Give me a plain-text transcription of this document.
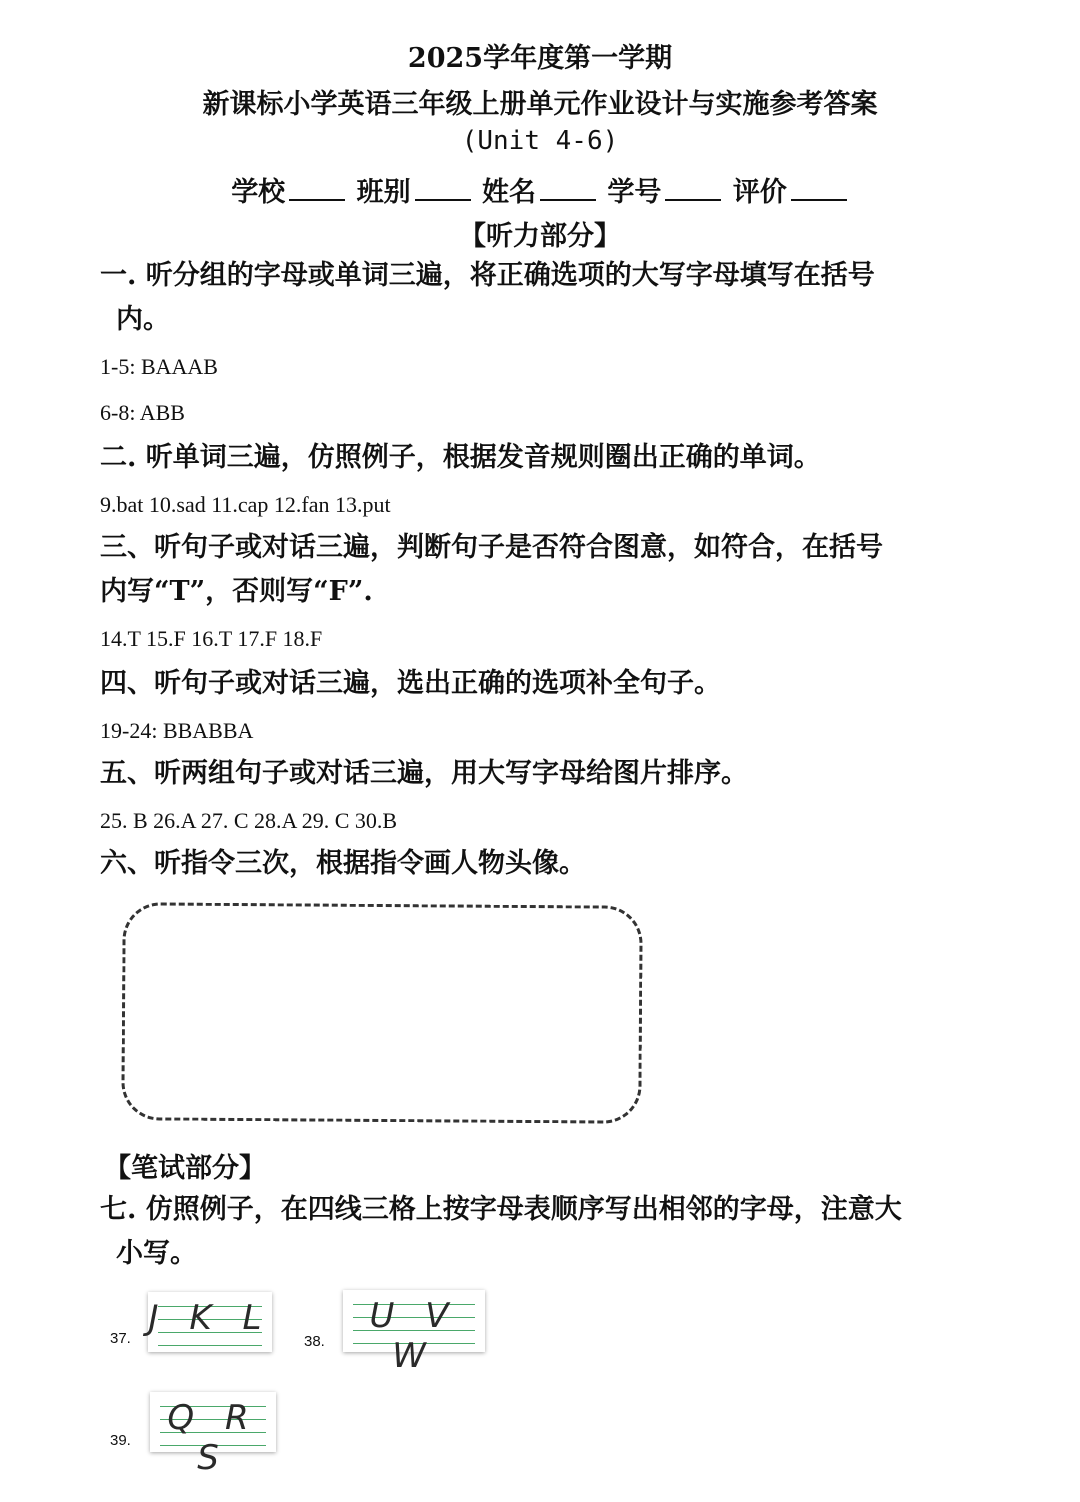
2025学年度第一学期
新课标小学英语三年级上册单元作业设计与实施参考答案
(Unit 4-6)
学校	班别	姓名	学号	评价
【听力部分】
一. 听分组的字母或单词三遍，将正确选项的大写字母填写在括号
内。
1-5: BAAAB
6-8: ABB
二. 听单词三遍，仿照例子，根据发音规则圈出正确的单词。
9.bat 10.sad 11.cap 12.fan 13.put
三、听句子或对话三遍，判断句子是否符合图意，如符合，在括号
内写“T”，否则写“F”.
14.T 15.F 16.T 17.F 18.F
四、听句子或对话三遍，选出正确的选项补全句子。
19-24: BBABBA
五、听两组句子或对话三遍，用大写字母给图片排序。
25. B 26.A 27. C 28.A 29. C 30.B
六、听指令三次，根据指令画人物头像。
【笔试部分】
七. 仿照例子，在四线三格上按字母表顺序写出相邻的字母，注意大
小写。
37.
J K L
38.
U V W
39.
Q R S
